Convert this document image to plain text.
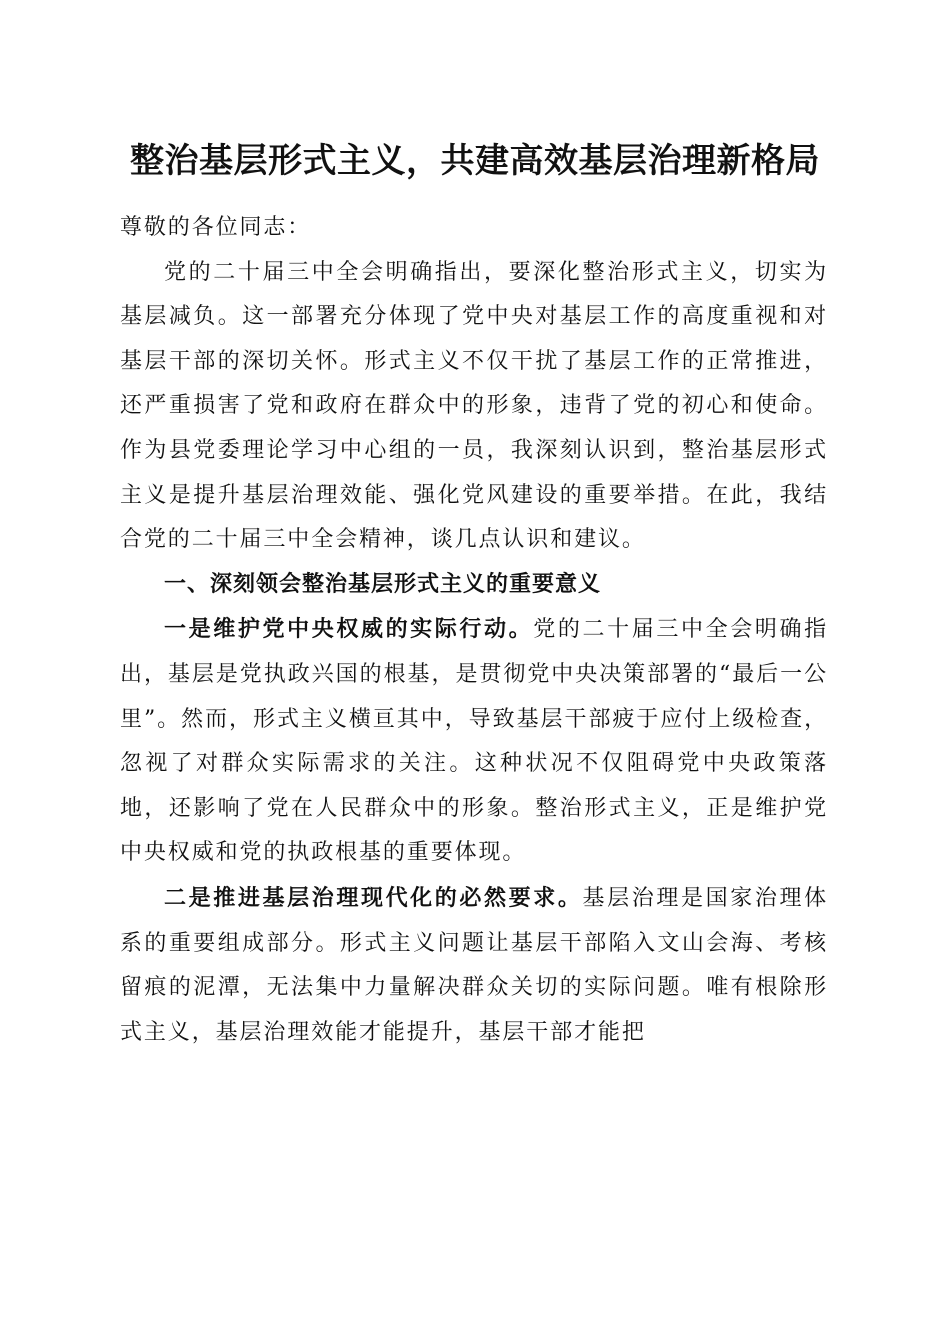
整治基层形式主义，共建高效基层治理新格局

尊敬的各位同志：

党的二十届三中全会明确指出，要深化整治形式主义，切实为基层减负。这一部署充分体现了党中央对基层工作的高度重视和对基层干部的深切关怀。形式主义不仅干扰了基层工作的正常推进，还严重损害了党和政府在群众中的形象，违背了党的初心和使命。作为县党委理论学习中心组的一员，我深刻认识到，整治基层形式主义是提升基层治理效能、强化党风建设的重要举措。在此，我结合党的二十届三中全会精神，谈几点认识和建议。

一、深刻领会整治基层形式主义的重要意义

一是维护党中央权威的实际行动。党的二十届三中全会明确指出，基层是党执政兴国的根基，是贯彻党中央决策部署的“最后一公里”。然而，形式主义横亘其中，导致基层干部疲于应付上级检查，忽视了对群众实际需求的关注。这种状况不仅阻碍党中央政策落地，还影响了党在人民群众中的形象。整治形式主义，正是维护党中央权威和党的执政根基的重要体现。

二是推进基层治理现代化的必然要求。基层治理是国家治理体系的重要组成部分。形式主义问题让基层干部陷入文山会海、考核留痕的泥潭，无法集中力量解决群众关切的实际问题。唯有根除形式主义，基层治理效能才能提升，基层干部才能把
